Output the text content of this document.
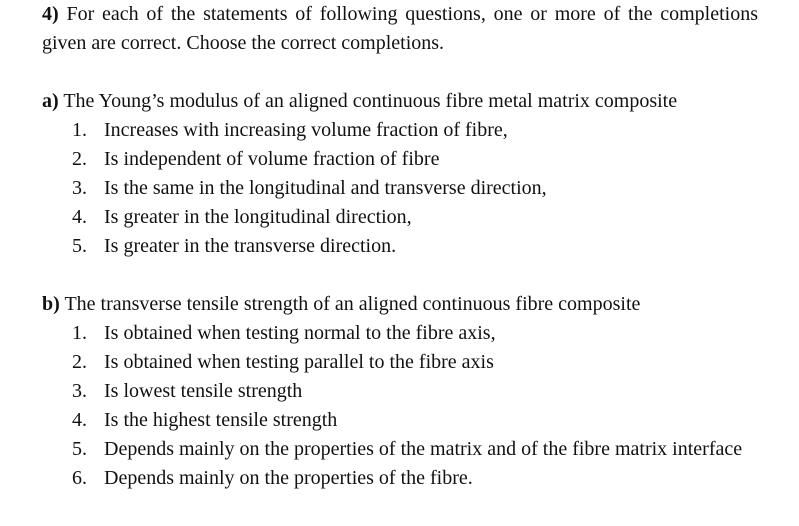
4) For each of the statements of following questions, one or more of the completions given are correct. Choose the correct completions.

a) The Young’s modulus of an aligned continuous fibre metal matrix composite

1. Increases with increasing volume fraction of fibre,
2. Is independent of volume fraction of fibre
3. Is the same in the longitudinal and transverse direction,
4. Is greater in the longitudinal direction,
5. Is greater in the transverse direction.

b) The transverse tensile strength of an aligned continuous fibre composite

1. Is obtained when testing normal to the fibre axis,
2. Is obtained when testing parallel to the fibre axis
3. Is lowest tensile strength
4. Is the highest tensile strength
5. Depends mainly on the properties of the matrix and of the fibre matrix interface
6. Depends mainly on the properties of the fibre.
